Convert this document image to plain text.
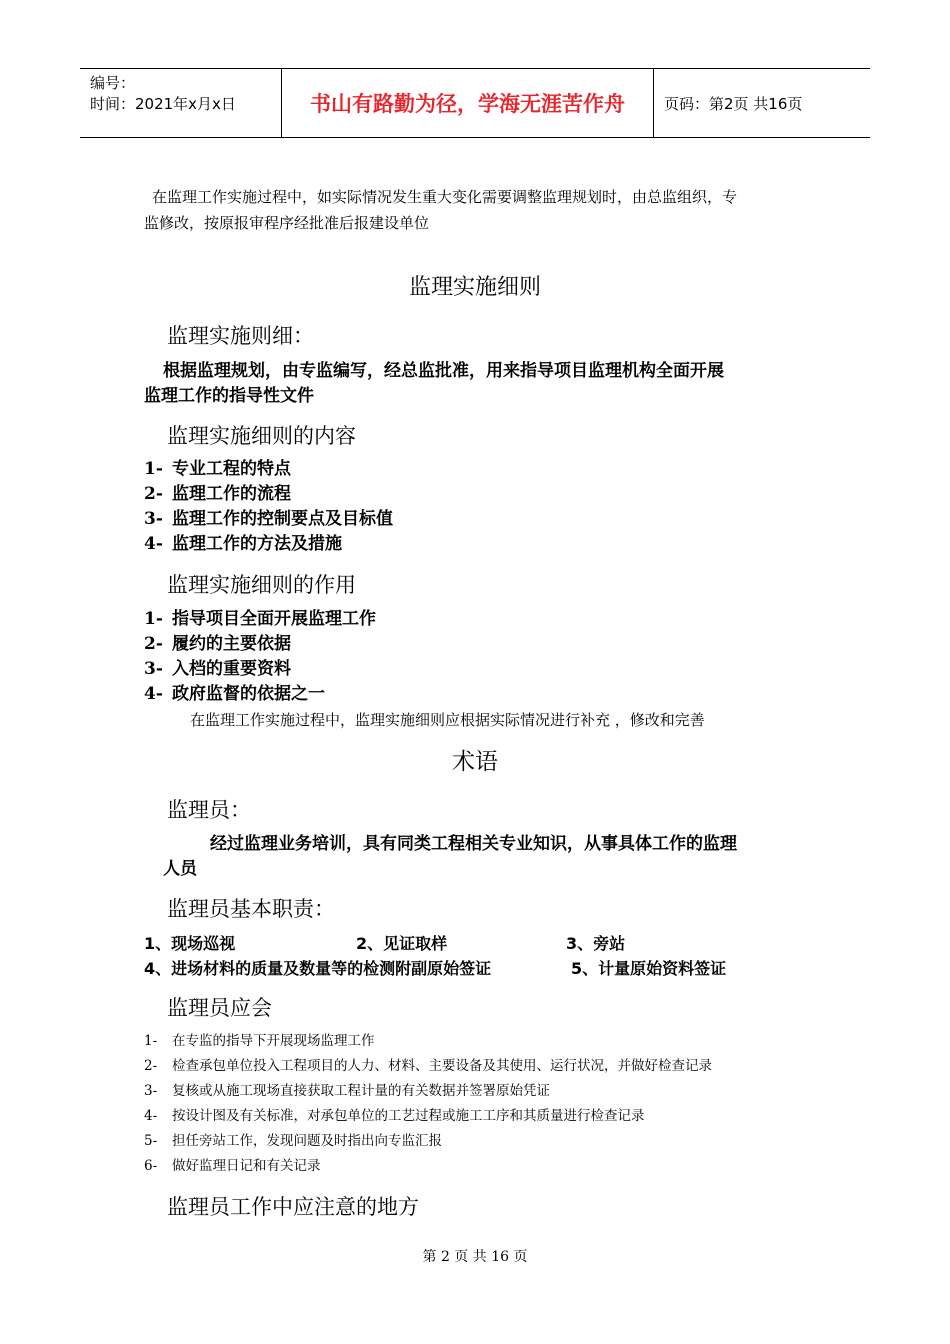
编号：
时间：2021年x月x日	书山有路勤为径，学海无涯苦作舟	页码：第2页 共16页
在监理工作实施过程中，如实际情况发生重大变化需要调整监理规划时，由总监组织，专
监修改，按原报审程序经批准后报建设单位
监理实施细则
监理实施则细：
根据监理规划，由专监编写，经总监批准，用来指导项目监理机构全面开展
监理工作的指导性文件
监理实施细则的内容
1- 专业工程的特点
2- 监理工作的流程
3- 监理工作的控制要点及目标值
4- 监理工作的方法及措施
监理实施细则的作用
1- 指导项目全面开展监理工作
2- 履约的主要依据
3- 入档的重要资料
4- 政府监督的依据之一
在监理工作实施过程中，监理实施细则应根据实际情况进行补充 ，修改和完善
术语
监理员：
经过监理业务培训，具有同类工程相关专业知识，从事具体工作的监理
人员
监理员基本职责：
1、现场巡视	2、见证取样	3、旁站
4、进场材料的质量及数量等的检测附副原始签证	5、计量原始资料签证
监理员应会
1- 在专监的指导下开展现场监理工作
2- 检查承包单位投入工程项目的人力、材料、主要设备及其使用、运行状况，并做好检查记录
3- 复核或从施工现场直接获取工程计量的有关数据并签署原始凭证
4- 按设计图及有关标准，对承包单位的工艺过程或施工工序和其质量进行检查记录
5- 担任旁站工作，发现问题及时指出向专监汇报
6- 做好监理日记和有关记录
监理员工作中应注意的地方
第 2 页 共 16 页
